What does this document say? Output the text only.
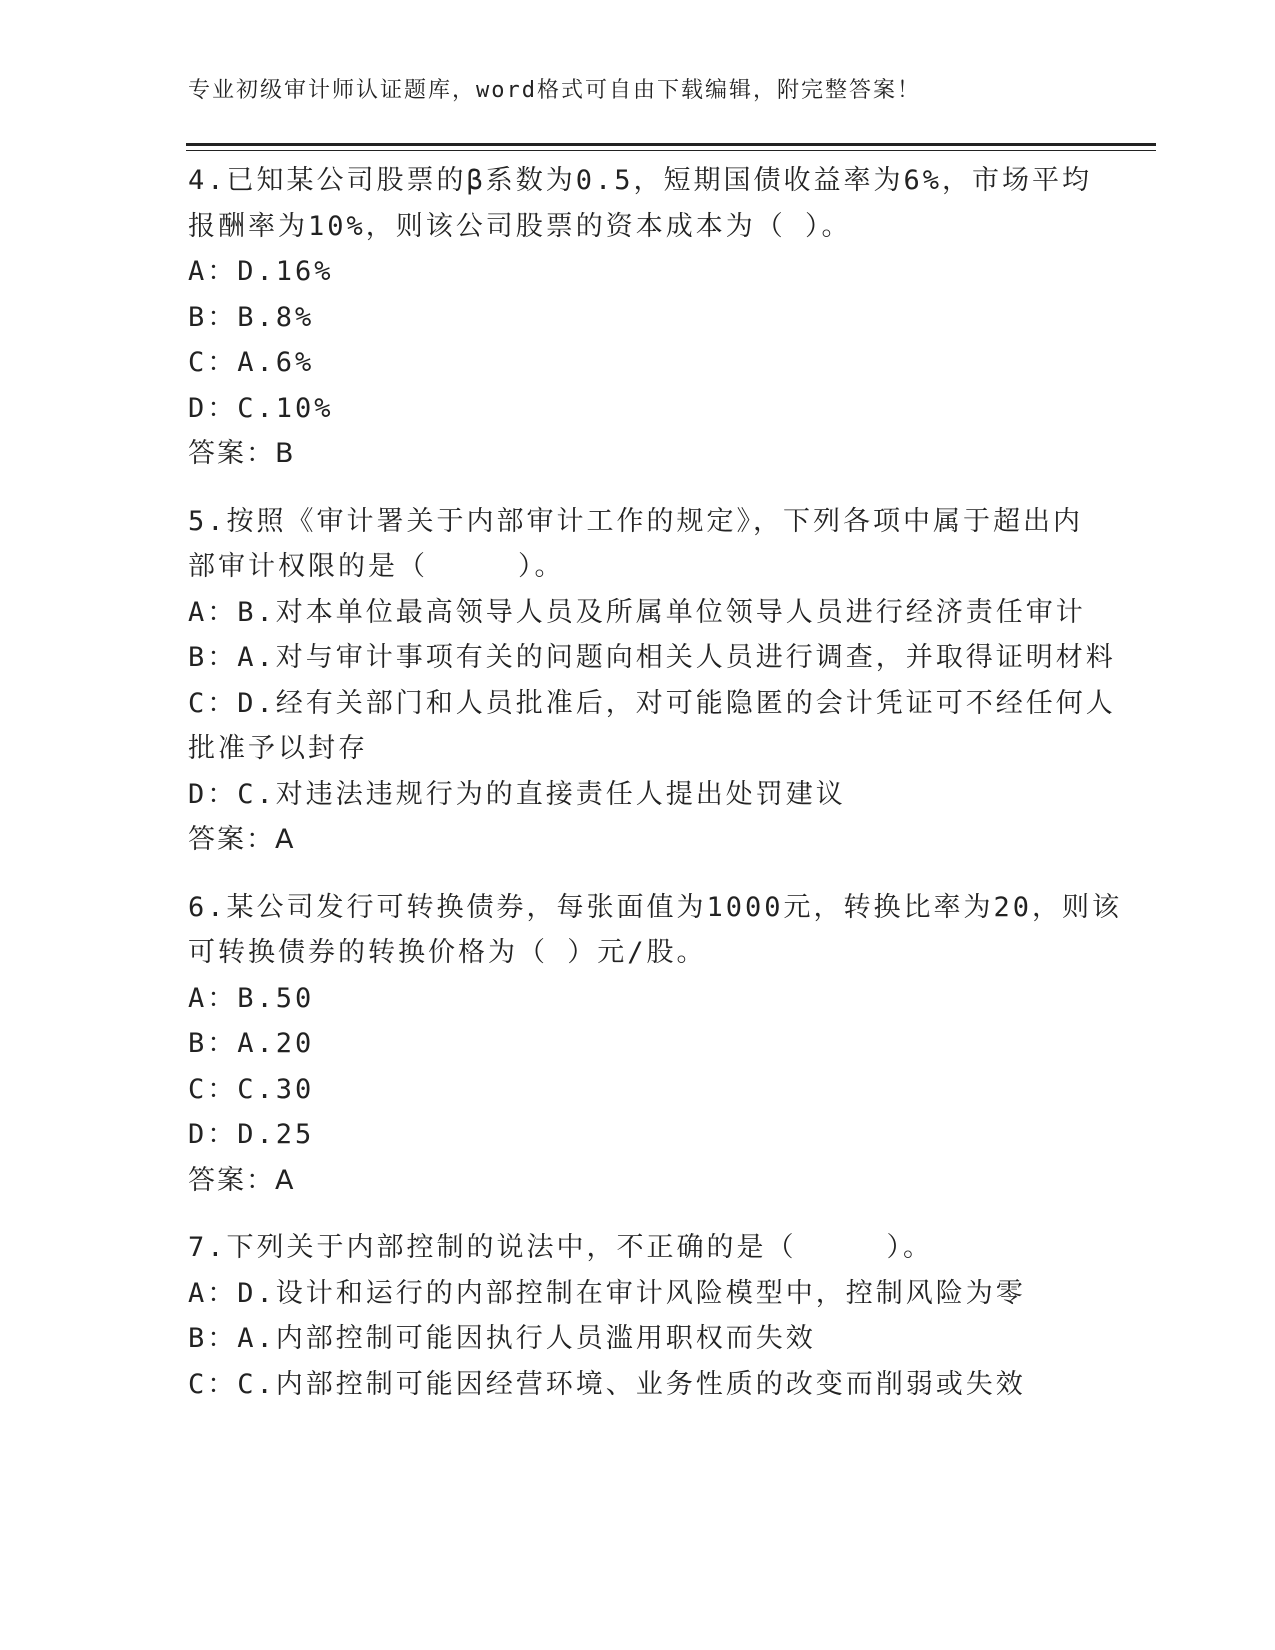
专业初级审计师认证题库，word格式可自由下载编辑，附完整答案！
4.已知某公司股票的β系数为0.5，短期国债收益率为6%，市场平均
报酬率为10%，则该公司股票的资本成本为（ ）。
A：D.16%
B：B.8%
C：A.6%
D：C.10%
答案：B
5.按照《审计署关于内部审计工作的规定》，下列各项中属于超出内
部审计权限的是（　　　）。
A：B.对本单位最高领导人员及所属单位领导人员进行经济责任审计
B：A.对与审计事项有关的问题向相关人员进行调查，并取得证明材料
C：D.经有关部门和人员批准后，对可能隐匿的会计凭证可不经任何人
批准予以封存
D：C.对违法违规行为的直接责任人提出处罚建议
答案：A
6.某公司发行可转换债券，每张面值为1000元，转换比率为20，则该
可转换债券的转换价格为（ ）元/股。
A：B.50
B：A.20
C：C.30
D：D.25
答案：A
7.下列关于内部控制的说法中，不正确的是（　　　）。
A：D.设计和运行的内部控制在审计风险模型中，控制风险为零
B：A.内部控制可能因执行人员滥用职权而失效
C：C.内部控制可能因经营环境、业务性质的改变而削弱或失效
